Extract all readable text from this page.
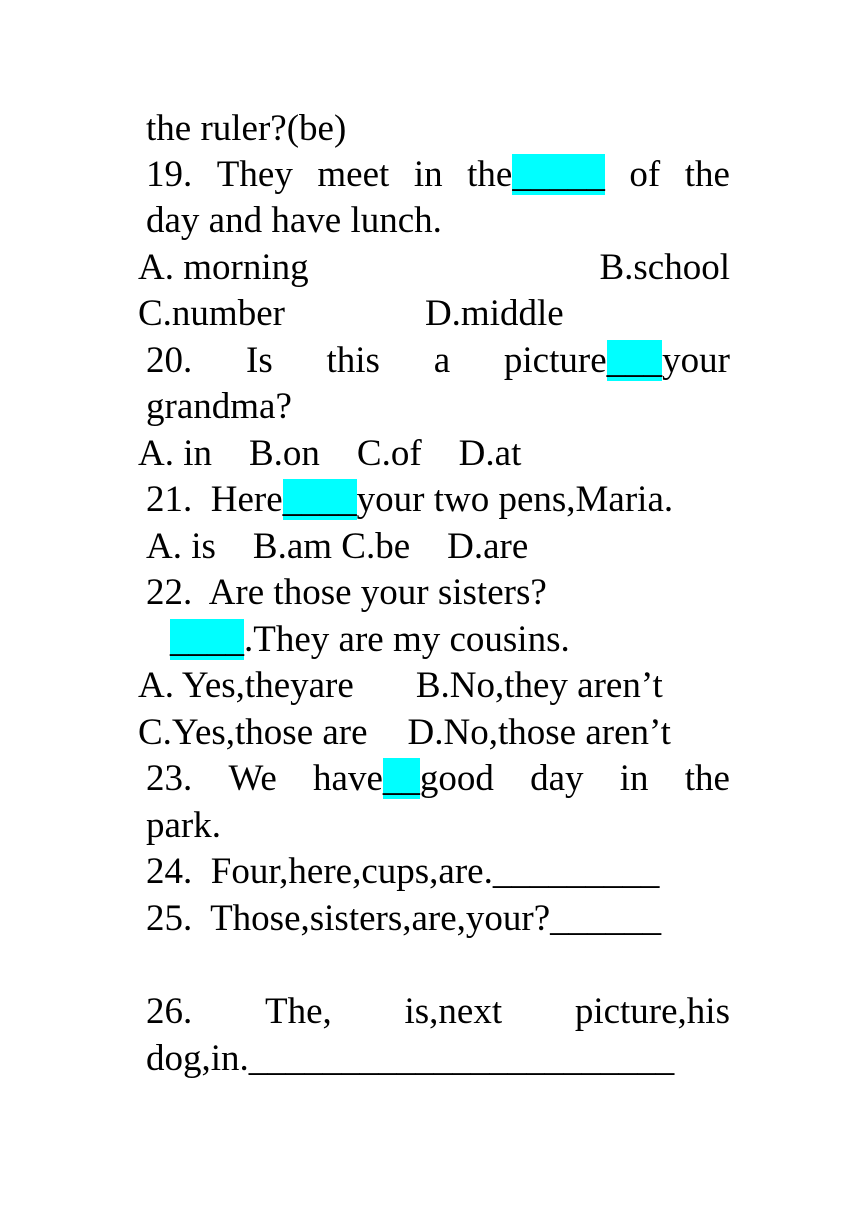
the ruler?(be)
19. They meet in the_____ of the
day and have lunch.
A. morning	B.school
C.number	D.middle
20. Is this a picture___your
grandma?
A. in    B.on    C.of    D.at
21.  Here____your two pens,Maria.
A. is    B.am C.be    D.are
22.  Are those your sisters?
____.They are my cousins.
A. Yes,theyare B.No,they aren’t
C.Yes,those are D.No,those aren’t
23. We have__good day in the
park.
24.  Four,here,cups,are._________
25.  Those,sisters,are,your?______
26. The, is,next picture,his
dog,in._______________________
